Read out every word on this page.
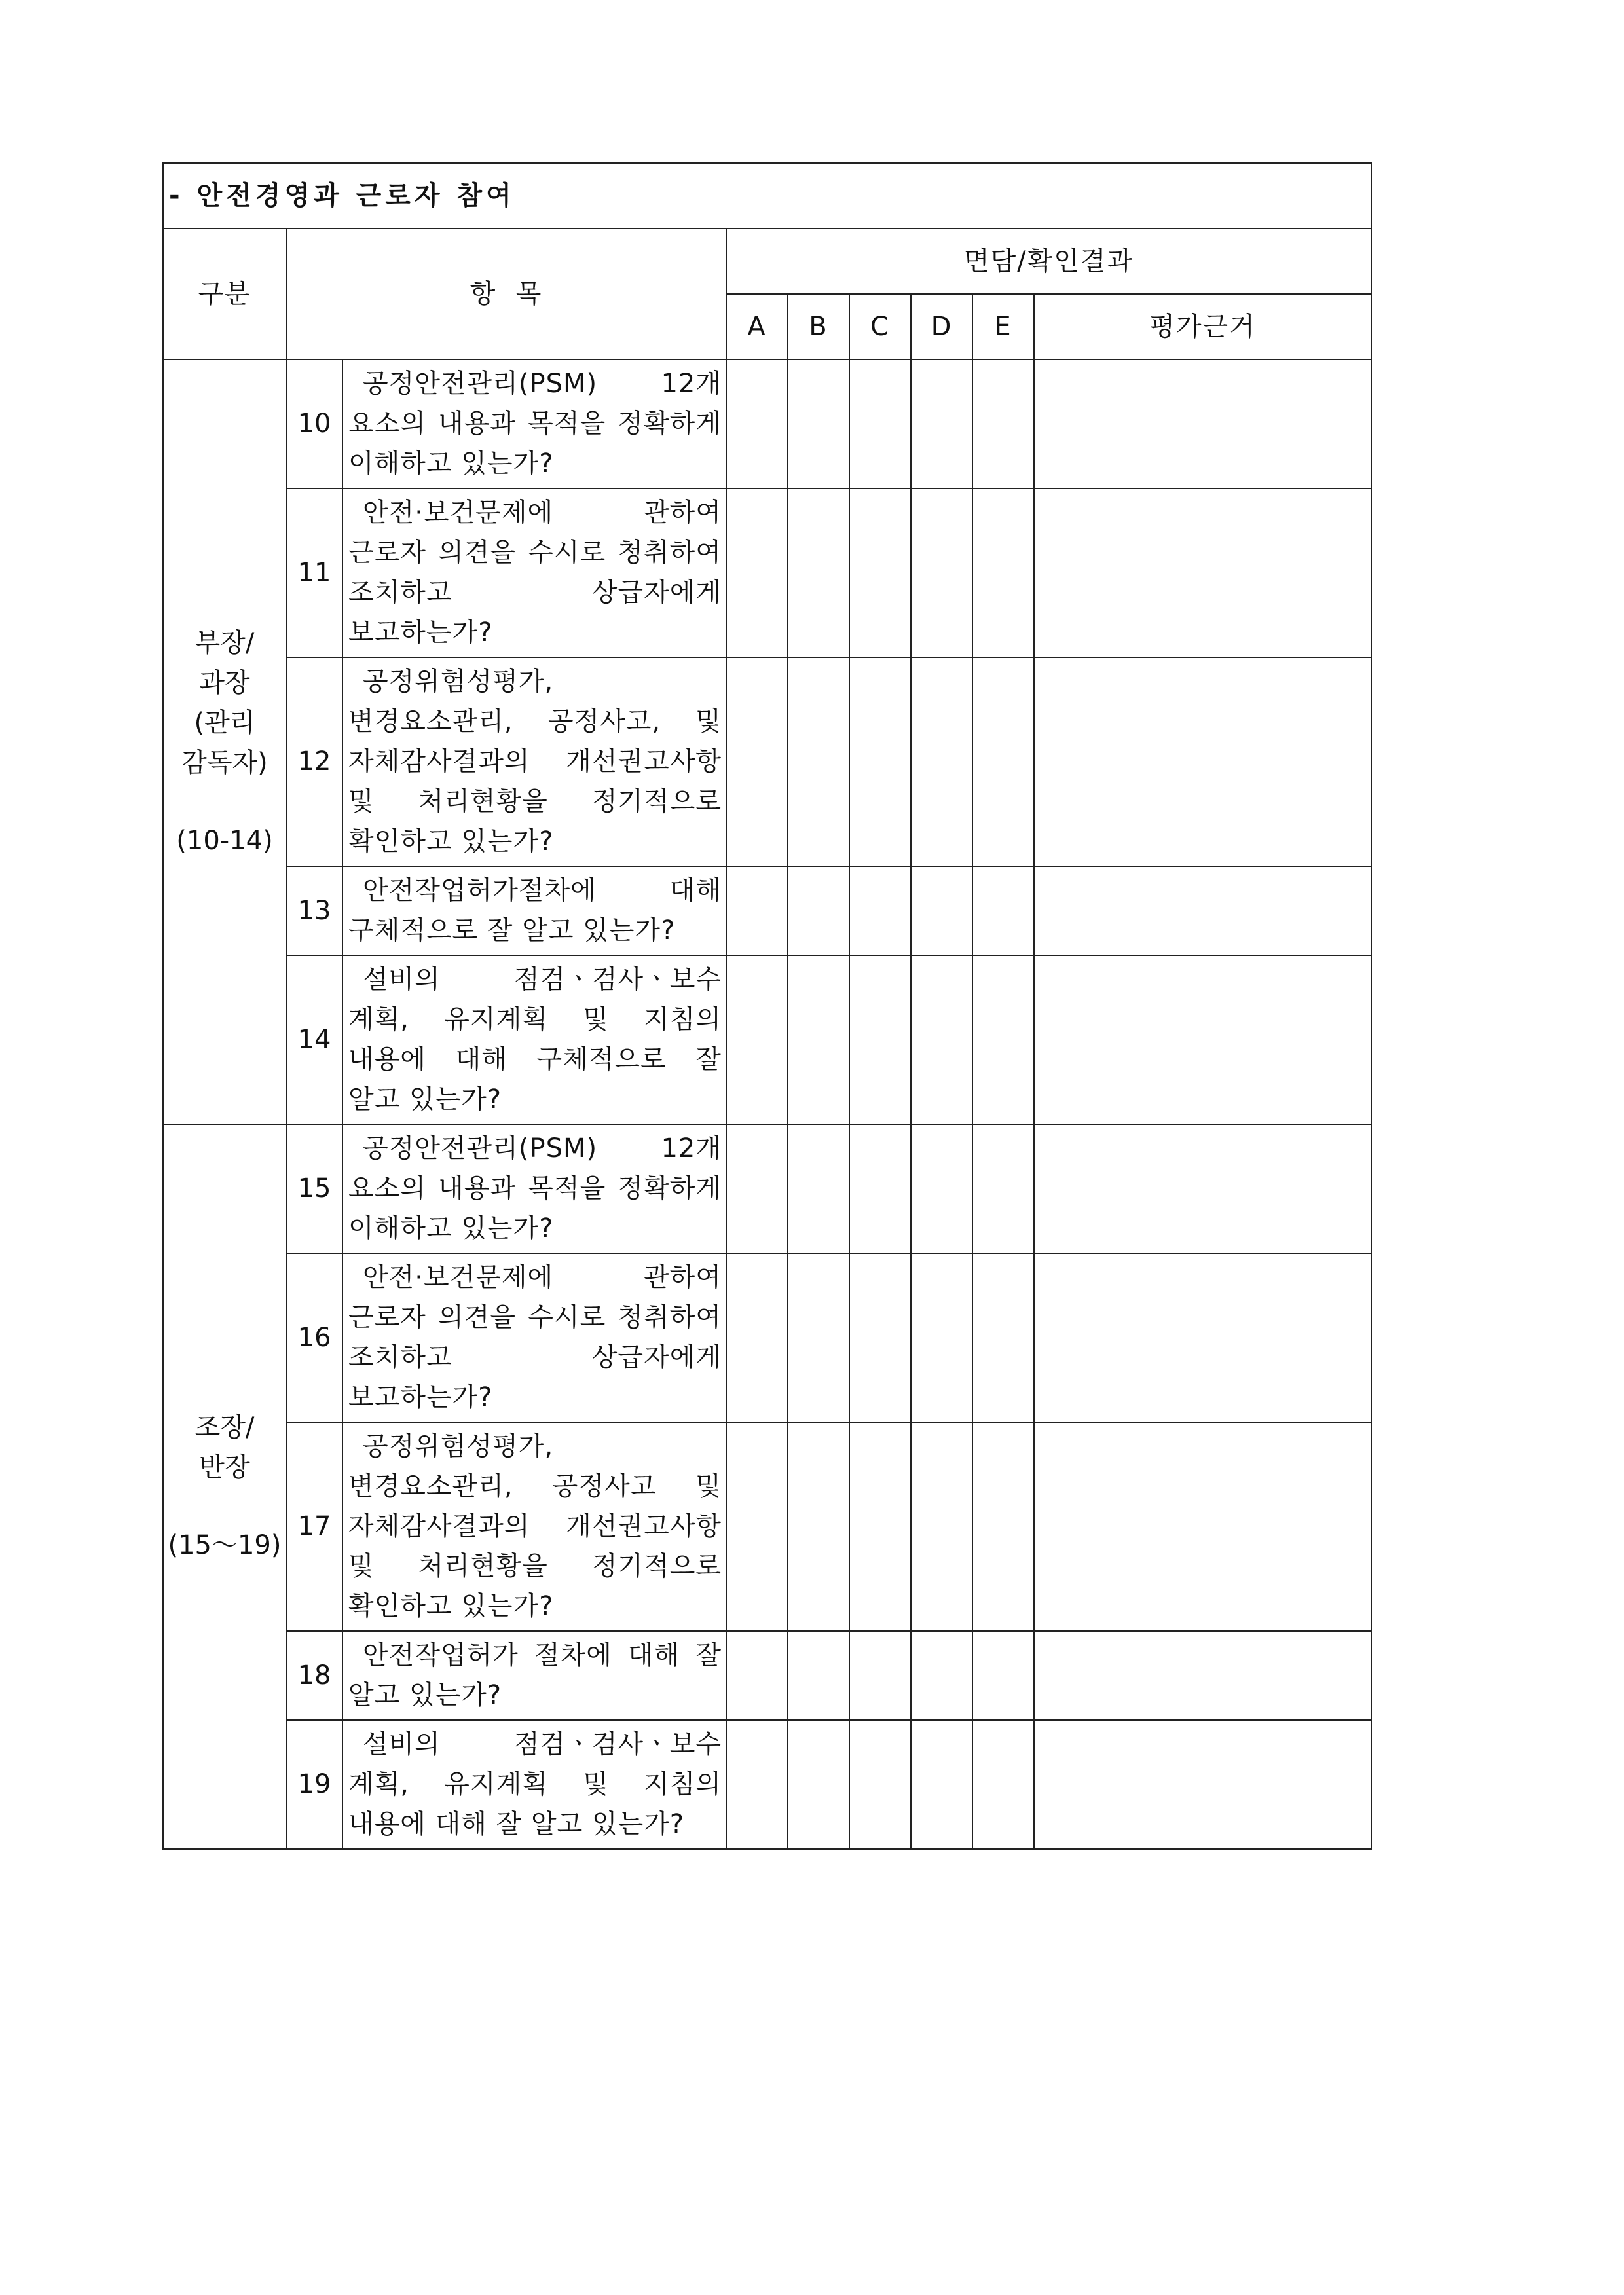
- 안전경영과 근로자 참여								
구분	항  목		면담/확인결과					
			A	B	C	D	E	평가근거

부장/
과장
(관리
감독자)
(10-14)	10	공정안전관리(PSM) 12개 요소의 내용과 목적을 정확하게 이해하고 있는가?						

	11	안전·보건문제에 관하여 근로자 의견을 수시로 청취하여 조치하고 상급자에게 보고하는가?						

	12	공정위험성평가, 변경요소관리, 공정사고, 및 자체감사결과의 개선권고사항 및 처리현황을 정기적으로 확인하고 있는가?						

	13	안전작업허가절차에 대해 구체적으로 잘 알고 있는가?						

	14	설비의 점검ㆍ검사ㆍ보수 계획, 유지계획 및 지침의 내용에 대해 구체적으로 잘 알고 있는가?						

조장/
반장
(15～19)	15	공정안전관리(PSM) 12개 요소의 내용과 목적을 정확하게 이해하고 있는가?						

	16	안전·보건문제에 관하여 근로자 의견을 수시로 청취하여 조치하고 상급자에게 보고하는가?						

	17	공정위험성평가, 변경요소관리, 공정사고 및 자체감사결과의 개선권고사항 및 처리현황을 정기적으로 확인하고 있는가?						

	18	안전작업허가 절차에 대해 잘 알고 있는가?						

	19	설비의 점검ㆍ검사ㆍ보수 계획, 유지계획 및 지침의 내용에 대해 잘 알고 있는가?						
